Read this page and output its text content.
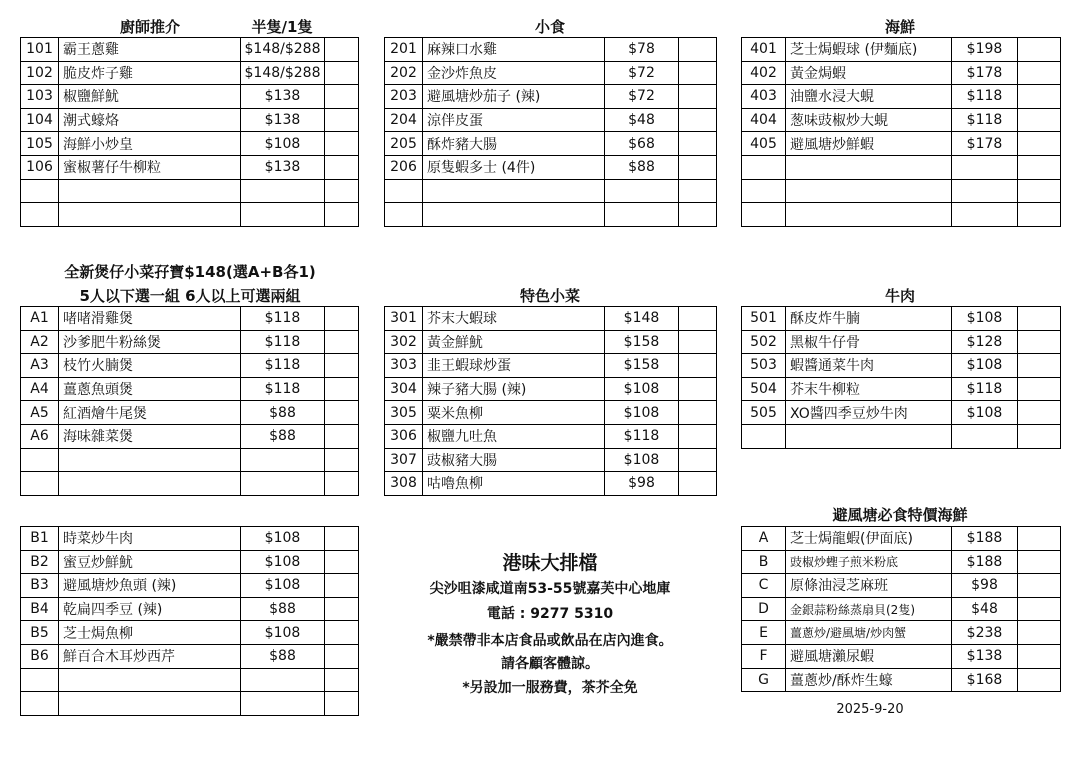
廚師推介	半隻/1隻	小食	海鮮
全新煲仔小菜孖寶$148(選A+B各1)
5人以下選一組 6人以上可選兩組	特色小菜	牛肉
避風塘必食特價海鮮
101	霸王蔥雞	$148/$288	
102	脆皮炸子雞	$148/$288	
103	椒鹽鮮魷	$138	
104	潮式蠔烙	$138	
105	海鮮小炒皇	$108	
106	蜜椒薯仔牛柳粒	$138	

201	麻辣口水雞	$78	
202	金沙炸魚皮	$72	
203	避風塘炒茄子 (辣)	$72	
204	涼伴皮蛋	$48	
205	酥炸豬大腸	$68	
206	原隻蝦多士 (4件)	$88	

401	芝士焗蝦球 (伊麵底)	$198	
402	黃金焗蝦	$178	
403	油鹽水浸大蜆	$118	
404	葱味豉椒炒大蜆	$118	
405	避風塘炒鮮蝦	$178	

A1	啫啫滑雞煲	$118	
A2	沙爹肥牛粉絲煲	$118	
A3	枝竹火腩煲	$118	
A4	薑蔥魚頭煲	$118	
A5	紅酒燴牛尾煲	$88	
A6	海味雜菜煲	$88	

301	芥末大蝦球	$148	
302	黃金鮮魷	$158	
303	韭王蝦球炒蛋	$158	
304	辣子豬大腸 (辣)	$108	
305	粟米魚柳	$108	
306	椒鹽九吐魚	$118	
307	豉椒豬大腸	$108	
308	咕嚕魚柳	$98	
501	酥皮炸牛腩	$108	
502	黑椒牛仔骨	$128	
503	蝦醬通菜牛肉	$108	
504	芥末牛柳粒	$118	
505	XO醬四季豆炒牛肉	$108	

B1	時菜炒牛肉	$108	
B2	蜜豆炒鮮魷	$108	
B3	避風塘炒魚頭 (辣)	$108	
B4	乾扁四季豆 (辣)	$88	
B5	芝士焗魚柳	$108	
B6	鮮百合木耳炒西芹	$88	

A	芝士焗龍蝦(伊面底)	$188	
B	豉椒炒蟶子煎米粉底	$188	
C	原條油浸芝麻班	$98	
D	金銀蒜粉絲蒸扇貝(2隻)	$48	
E	薑蔥炒/避風塘/炒肉蟹	$238	
F	避風塘瀨尿蝦	$138	
G	薑蔥炒/酥炸生蠔	$168	
2025-9-20
港味大排檔
尖沙咀漆咸道南53-55號嘉芙中心地庫
電話 : 9277 5310
*嚴禁帶非本店食品或飲品在店內進食。
請各顧客體諒。
*另設加一服務費，茶芥全免
